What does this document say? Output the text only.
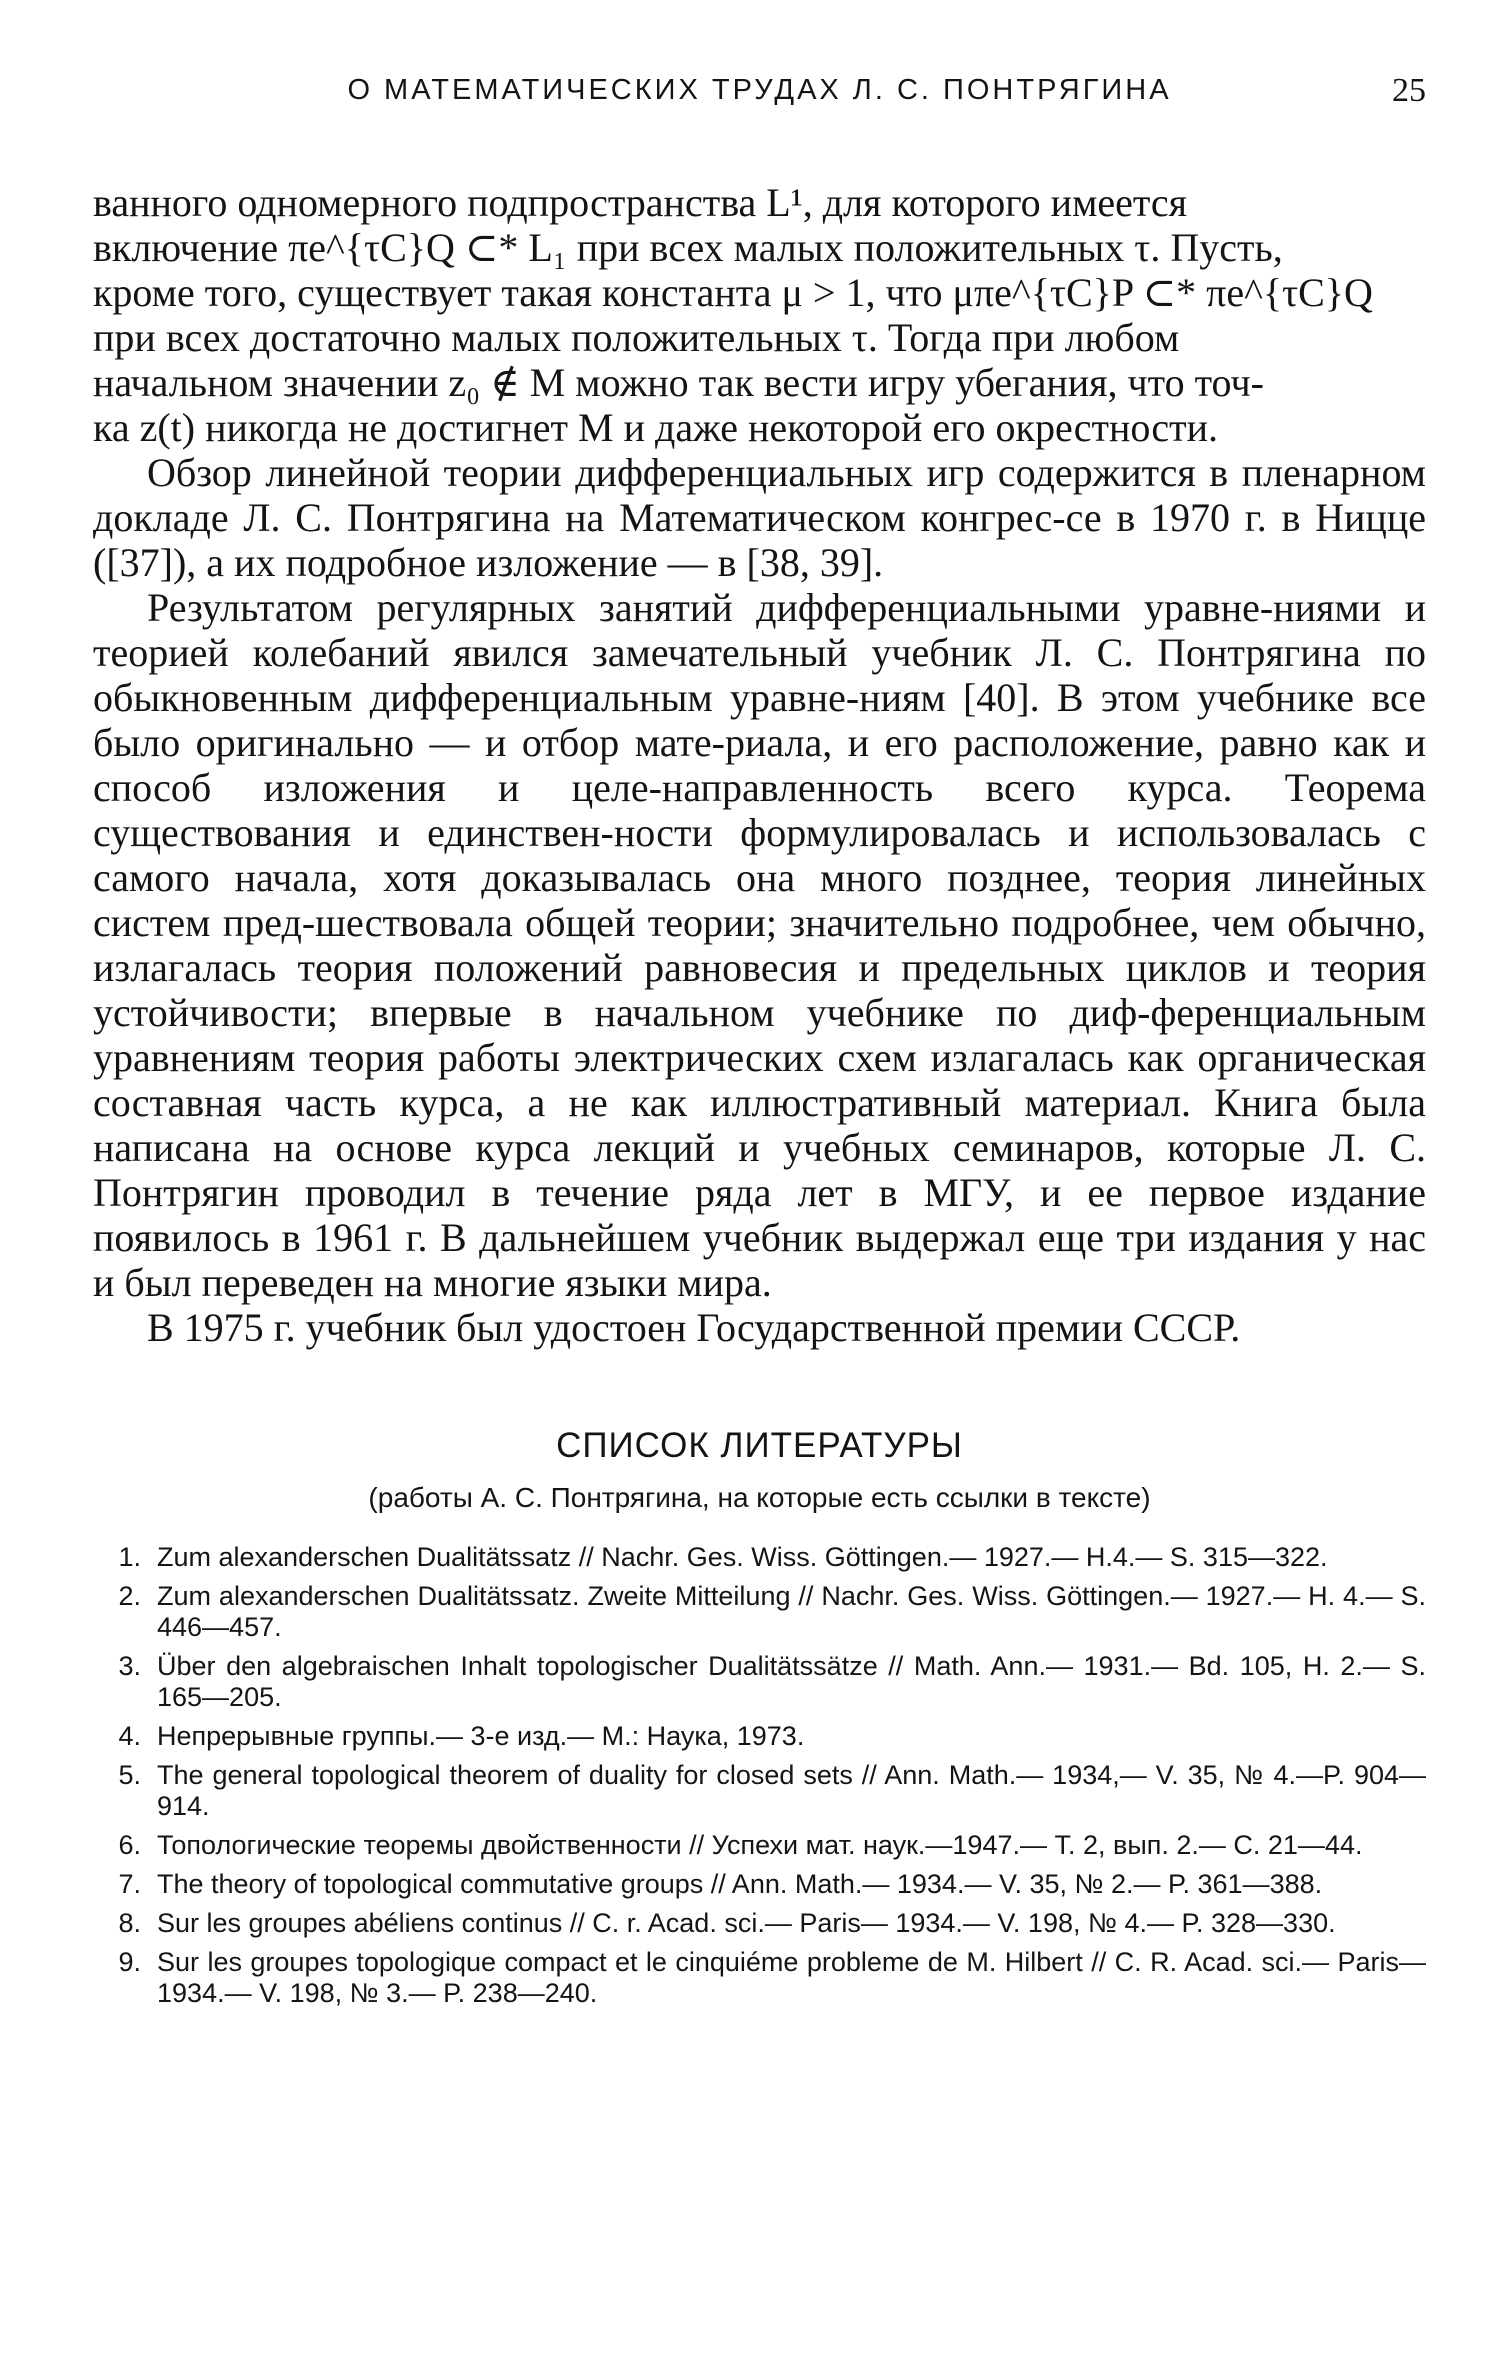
О МАТЕМАТИЧЕСКИХ ТРУДАХ Л. С. ПОНТРЯГИНА	25

ванного одномерного подпространства L¹, для которого имеется

включение πe^{τC}Q ⊂* L₁ при всех малых положительных τ. Пусть,

кроме того, существует такая константа μ > 1, что μπe^{τC}P ⊂* πe^{τC}Q

при всех достаточно малых положительных τ. Тогда при любом

начальном значении z₀ ∉ M можно так вести игру убегания, что точ-

ка z(t) никогда не достигнет M и даже некоторой его окрестности.

Обзор линейной теории дифференциальных игр содержится в пленарном докладе Л. С. Понтрягина на Математическом конгрес-се в 1970 г. в Ницце ([37]), а их подробное изложение — в [38, 39].

Результатом регулярных занятий дифференциальными уравне-ниями и теорией колебаний явился замечательный учебник Л. С. Понтрягина по обыкновенным дифференциальным уравне-ниям [40]. В этом учебнике все было оригинально — и отбор мате-риала, и его расположение, равно как и способ изложения и целе-направленность всего курса. Теорема существования и единствен-ности формулировалась и использовалась с самого начала, хотя доказывалась она много позднее, теория линейных систем пред-шествовала общей теории; значительно подробнее, чем обычно, излагалась теория положений равновесия и предельных циклов и теория устойчивости; впервые в начальном учебнике по диф-ференциальным уравнениям теория работы электрических схем излагалась как органическая составная часть курса, а не как иллюстративный материал. Книга была написана на основе курса лекций и учебных семинаров, которые Л. С. Понтрягин проводил в течение ряда лет в МГУ, и ее первое издание появилось в 1961 г. В дальнейшем учебник выдержал еще три издания у нас и был переведен на многие языки мира.

В 1975 г. учебник был удостоен Государственной премии СССР.

СПИСОК ЛИТЕРАТУРЫ
(работы А. С. Понтрягина, на которые есть ссылки в тексте)
1. Zum alexanderschen Dualitätssatz // Nachr. Ges. Wiss. Göttingen.— 1927.— H.4.— S. 315—322.
2. Zum alexanderschen Dualitätssatz. Zweite Mitteilung // Nachr. Ges. Wiss. Göttingen.— 1927.— H. 4.— S. 446—457.
3. Über den algebraischen Inhalt topologischer Dualitätssätze // Math. Ann.— 1931.— Bd. 105, H. 2.— S. 165—205.
4. Непрерывные группы.— 3-е изд.— М.: Наука, 1973.
5. The general topological theorem of duality for closed sets // Ann. Math.— 1934,— V. 35, № 4.—P. 904—914.
6. Топологические теоремы двойственности // Успехи мат. наук.—1947.— Т. 2, вып. 2.— С. 21—44.
7. The theory of topological commutative groups // Ann. Math.— 1934.— V. 35, № 2.— P. 361—388.
8. Sur les groupes abéliens continus // C. r. Acad. sci.— Paris— 1934.— V. 198, № 4.— P. 328—330.
9. Sur les groupes topologique compact et le cinquiéme probleme de M. Hilbert // C. R. Acad. sci.— Paris— 1934.— V. 198, № 3.— P. 238—240.
